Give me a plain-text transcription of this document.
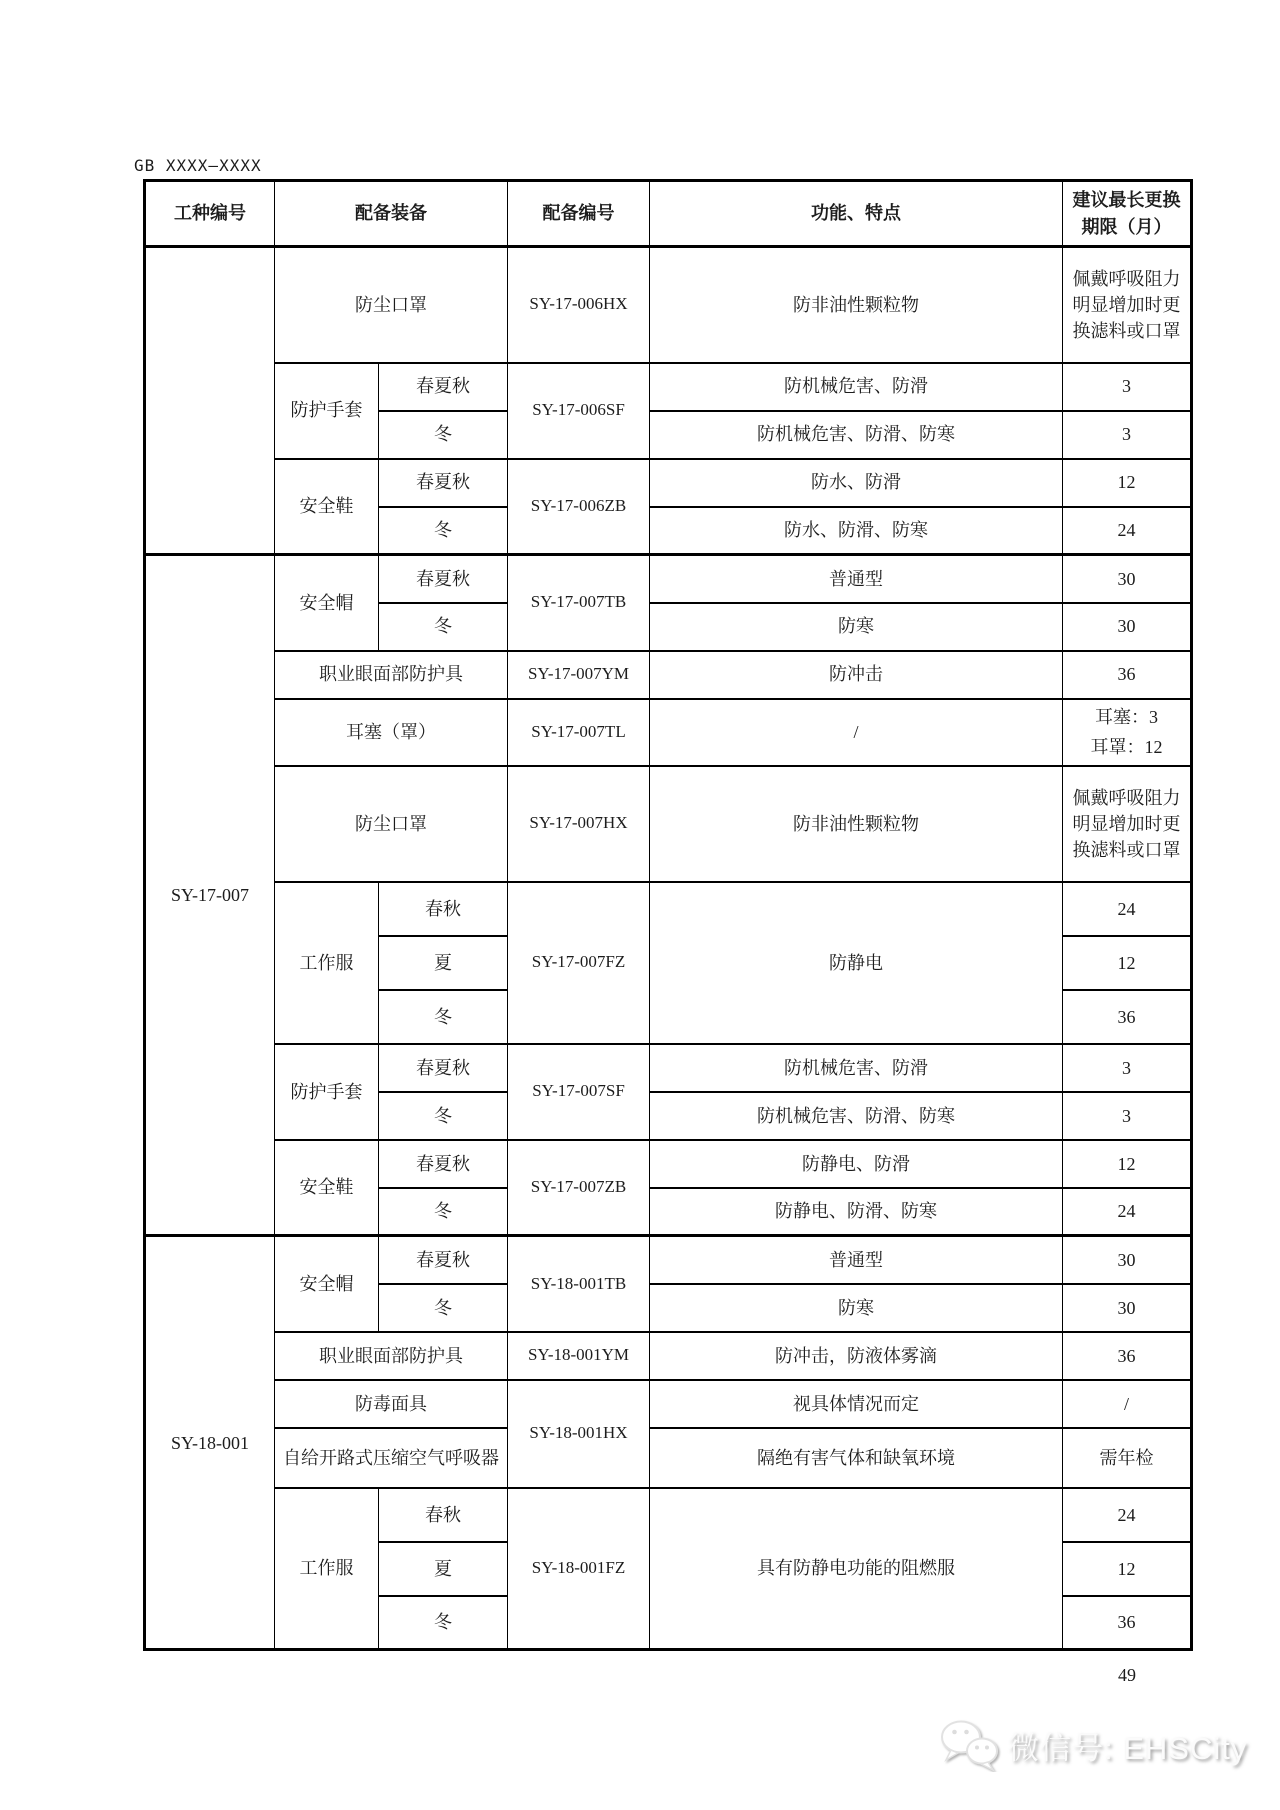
GB XXXX—XXXX
工种编号	配备装备		配备编号	功能、特点	建议最长更换期限（月）
	防尘口罩		SY-17-006HX	防非油性颗粒物	佩戴呼吸阻力明显增加时更换滤料或口罩
	防护手套	春夏秋	SY-17-006SF	防机械危害、防滑	3
		冬		防机械危害、防滑、防寒	3
	安全鞋	春夏秋	SY-17-006ZB	防水、防滑	12
		冬		防水、防滑、防寒	24
SY-17-007	安全帽	春夏秋	SY-17-007TB	普通型	30
		冬		防寒	30
	职业眼面部防护具		SY-17-007YM	防冲击	36
	耳塞（罩）		SY-17-007TL	/	耳塞：3
耳罩：12

	防尘口罩		SY-17-007HX	防非油性颗粒物	佩戴呼吸阻力明显增加时更换滤料或口罩
	工作服	春秋	SY-17-007FZ	防静电	24
		夏			12
		冬			36
	防护手套	春夏秋	SY-17-007SF	防机械危害、防滑	3
		冬		防机械危害、防滑、防寒	3
	安全鞋	春夏秋	SY-17-007ZB	防静电、防滑	12
		冬		防静电、防滑、防寒	24
SY-18-001	安全帽	春夏秋	SY-18-001TB	普通型	30
		冬		防寒	30
	职业眼面部防护具		SY-18-001YM	防冲击，防液体雾滴	36
	防毒面具		SY-18-001HX	视具体情况而定	/
	自给开路式压缩空气呼吸器			隔绝有害气体和缺氧环境	需年检
	工作服	春秋	SY-18-001FZ	具有防静电功能的阻燃服	24
		夏			12
		冬			36
49
微信号: EHSCity
